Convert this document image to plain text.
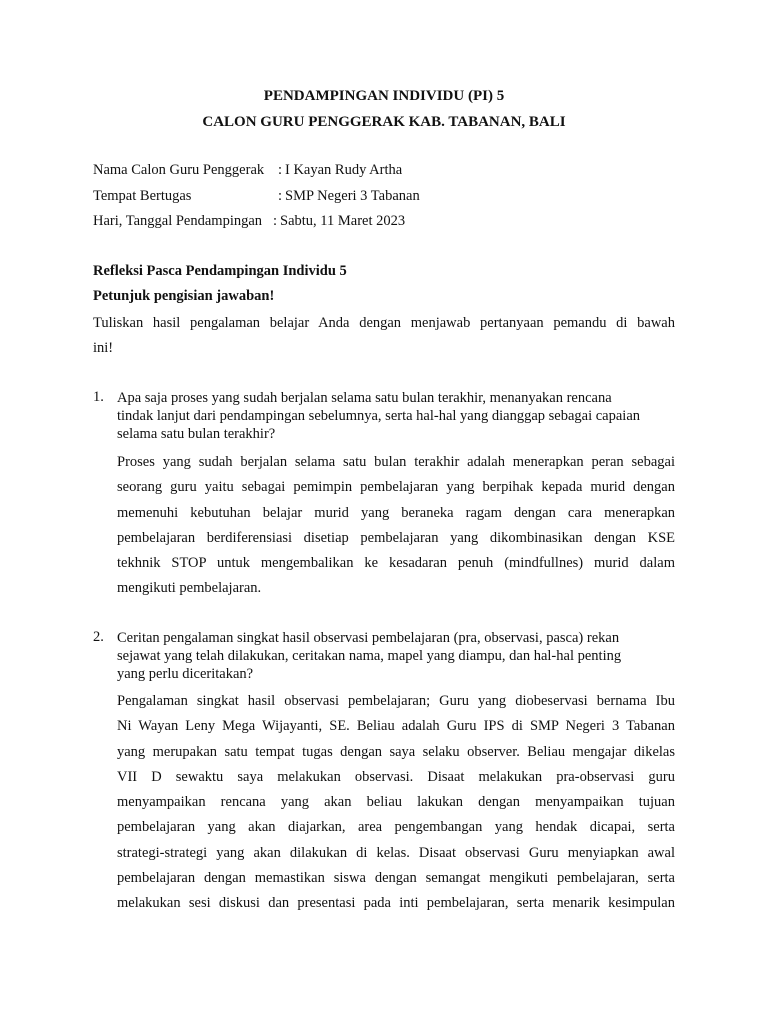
PENDAMPINGAN INDIVIDU (PI) 5
CALON GURU PENGGERAK KAB. TABANAN, BALI
Nama Calon Guru Penggerak : I Kayan Rudy Artha
Tempat Bertugas	: SMP Negeri 3 Tabanan
Hari, Tanggal Pendampingan : Sabtu, 11 Maret 2023
Refleksi Pasca Pendampingan Individu 5
Petunjuk pengisian jawaban!
Tuliskan hasil pengalaman belajar Anda dengan menjawab pertanyaan pemandu di bawah
ini!
1. Apa saja proses yang sudah berjalan selama satu bulan terakhir, menanyakan rencana
tindak lanjut dari pendampingan sebelumnya, serta hal-hal yang dianggap sebagai capaian
selama satu bulan terakhir?
Proses yang sudah berjalan selama satu bulan terakhir adalah menerapkan peran sebagai
seorang guru yaitu sebagai pemimpin pembelajaran yang berpihak kepada murid dengan
memenuhi kebutuhan belajar murid yang beraneka ragam dengan cara menerapkan
pembelajaran berdiferensiasi disetiap pembelajaran yang dikombinasikan dengan KSE
tekhnik STOP untuk mengembalikan ke kesadaran penuh (mindfullnes) murid dalam
mengikuti pembelajaran.
2. Ceritan pengalaman singkat hasil observasi pembelajaran (pra, observasi, pasca) rekan
sejawat yang telah dilakukan, ceritakan nama, mapel yang diampu, dan hal-hal penting
yang perlu diceritakan?
Pengalaman singkat hasil observasi pembelajaran; Guru yang diobeservasi bernama Ibu
Ni Wayan Leny Mega Wijayanti, SE. Beliau adalah Guru IPS di SMP Negeri 3 Tabanan
yang merupakan satu tempat tugas dengan saya selaku observer. Beliau mengajar dikelas
VII D sewaktu saya melakukan observasi. Disaat melakukan pra-observasi guru
menyampaikan rencana yang akan beliau lakukan dengan menyampaikan tujuan
pembelajaran yang akan diajarkan, area pengembangan yang hendak dicapai, serta
strategi-strategi yang akan dilakukan di kelas. Disaat observasi Guru menyiapkan awal
pembelajaran dengan memastikan siswa dengan semangat mengikuti pembelajaran, serta
melakukan sesi diskusi dan presentasi pada inti pembelajaran, serta menarik kesimpulan
